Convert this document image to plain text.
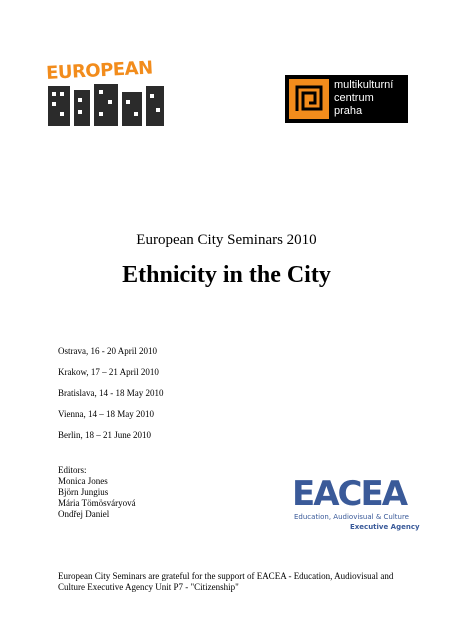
EUROPEAN
CITY
multikulturní
centrum
praha
European City Seminars 2010
Ethnicity in the City
Ostrava, 16 - 20 April 2010
Krakow, 17 – 21 April 2010
Bratislava, 14 - 18 May 2010
Vienna, 14 – 18 May 2010
Berlin, 18 – 21 June 2010
Editors:
Monica Jones
Björn Jungius
Mária Tömösváryová
Ondřej Daniel	EACEA
Education, Audiovisual & Culture
Executive Agency
European City Seminars are grateful for the support of EACEA - Education, Audiovisual and Culture Executive Agency Unit P7 - "Citizenship"
